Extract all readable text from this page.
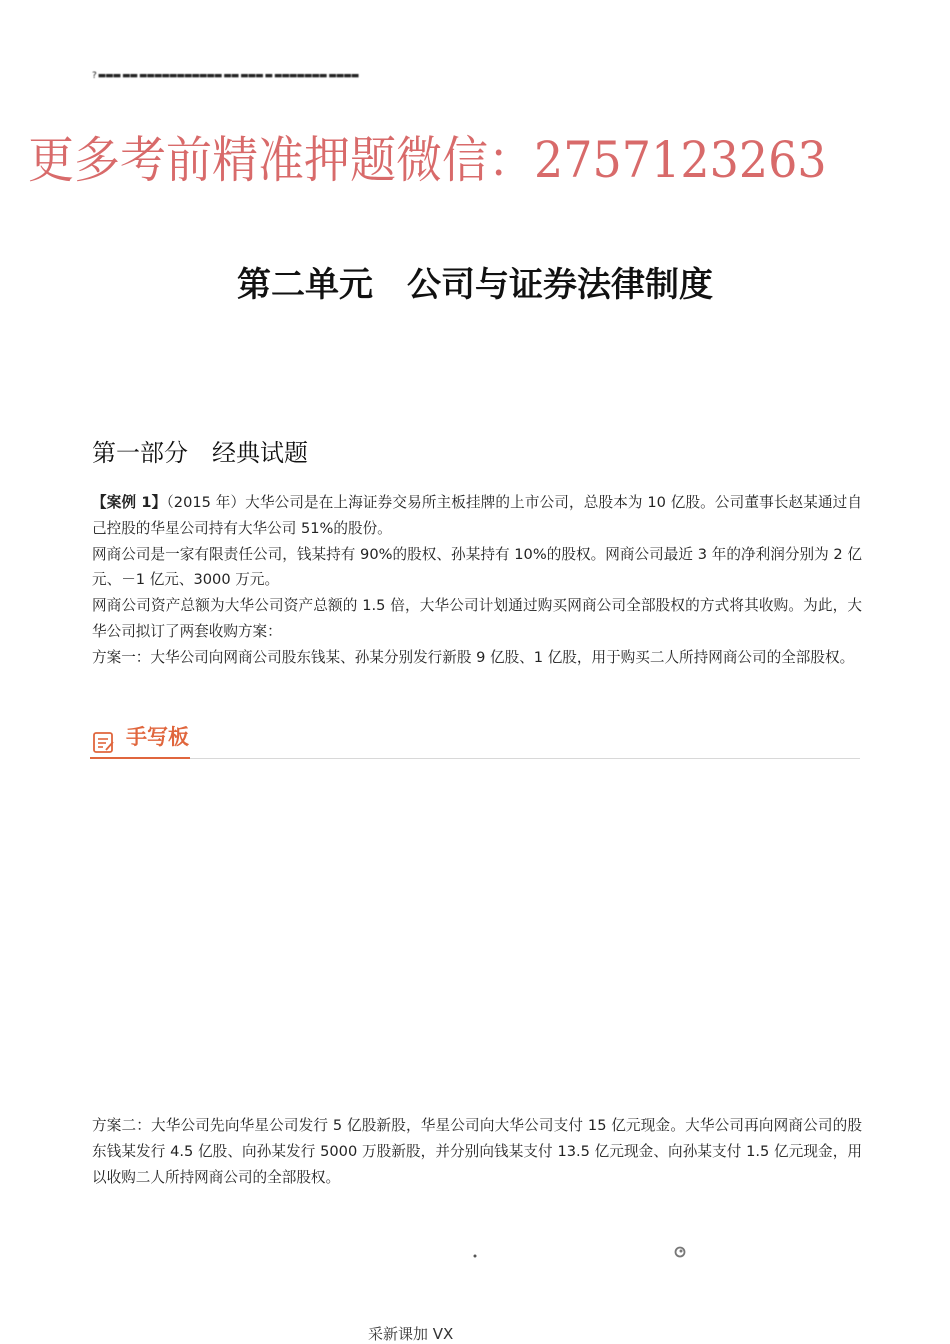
? ▬▬▬ ▬▬ ▬▬▬▬▬▬▬▬▬▬▬ ▬▬ ▬▬▬ ▬ ▬▬▬▬▬▬▬ ▬▬▬▬
更多考前精准押题微信：2757123263
第二单元　公司与证券法律制度
第一部分　经典试题

【案例 1】（2015 年）大华公司是在上海证券交易所主板挂牌的上市公司，总股本为 10 亿股。公司董事长赵某通过自己控股的华星公司持有大华公司 51%的股份。

网商公司是一家有限责任公司，钱某持有 90%的股权、孙某持有 10%的股权。网商公司最近 3 年的净利润分别为 2 亿元、－1 亿元、3000 万元。

网商公司资产总额为大华公司资产总额的 1.5 倍，大华公司计划通过购买网商公司全部股权的方式将其收购。为此，大华公司拟订了两套收购方案：

方案一：大华公司向网商公司股东钱某、孙某分别发行新股 9 亿股、1 亿股，用于购买二人所持网商公司的全部股权。

手写板

方案二：大华公司先向华星公司发行 5 亿股新股，华星公司向大华公司支付 15 亿元现金。大华公司再向网商公司的股东钱某发行 4.5 亿股、向孙某发行 5000 万股新股，并分别向钱某支付 13.5 亿元现金、向孙某支付 1.5 亿元现金，用以收购二人所持网商公司的全部股权。

采新课加 VX
